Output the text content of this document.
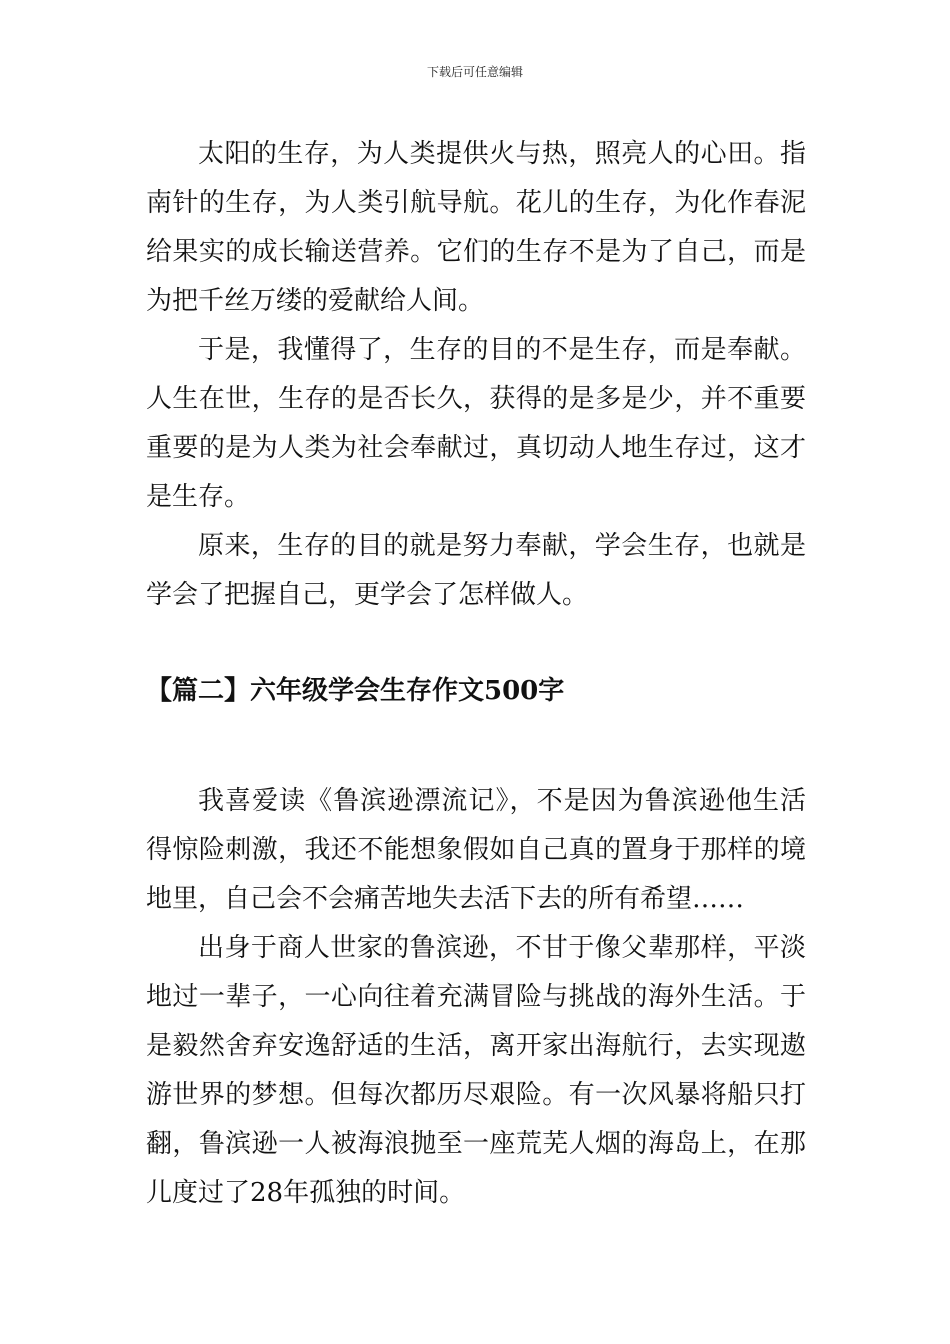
下载后可任意编辑

太阳的生存，为人类提供火与热，照亮人的心田。指南针的生存，为人类引航导航。花儿的生存，为化作春泥给果实的成长输送营养。它们的生存不是为了自己，而是为把千丝万缕的爱献给人间。

于是，我懂得了，生存的目的不是生存，而是奉献。人生在世，生存的是否长久，获得的是多是少，并不重要重要的是为人类为社会奉献过，真切动人地生存过，这才是生存。

原来，生存的目的就是努力奉献，学会生存，也就是学会了把握自己，更学会了怎样做人。

【篇二】六年级学会生存作文500字

我喜爱读《鲁滨逊漂流记》，不是因为鲁滨逊他生活得惊险刺激，我还不能想象假如自己真的置身于那样的境地里，自己会不会痛苦地失去活下去的所有希望……

出身于商人世家的鲁滨逊，不甘于像父辈那样，平淡地过一辈子，一心向往着充满冒险与挑战的海外生活。于是毅然舍弃安逸舒适的生活，离开家出海航行，去实现遨游世界的梦想。但每次都历尽艰险。有一次风暴将船只打翻，鲁滨逊一人被海浪抛至一座荒芜人烟的海岛上，在那儿度过了28年孤独的时间。
